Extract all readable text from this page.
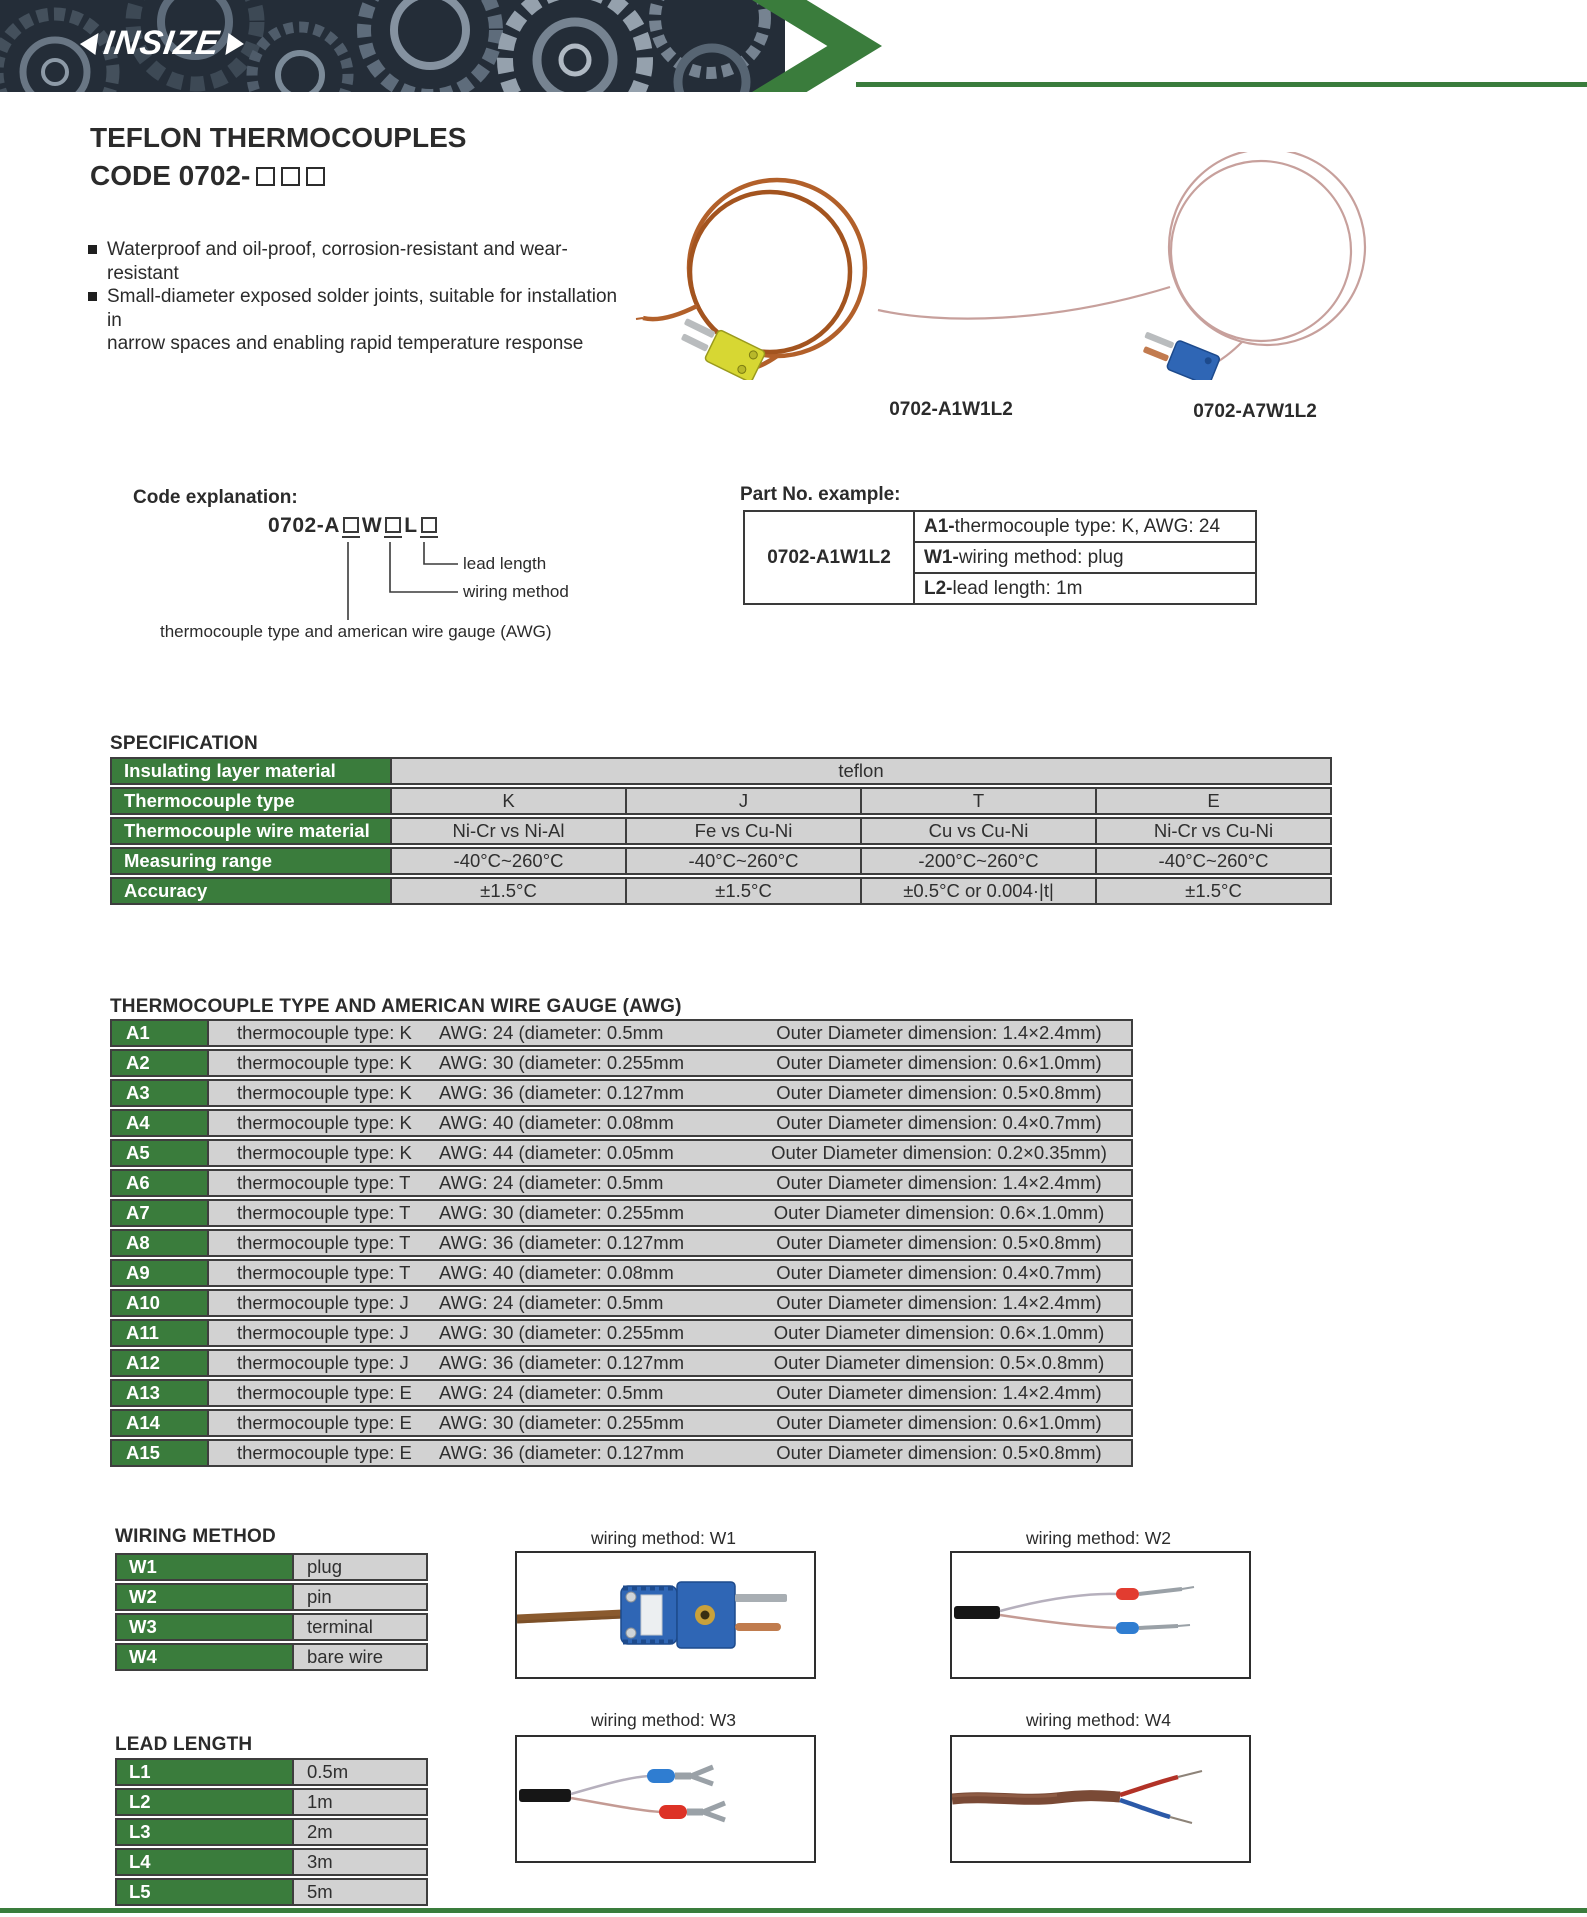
INSIZE
TEFLON THERMOCOUPLES
CODE 0702-
Waterproof and oil-proof, corrosion-resistant and wear-resistant
Small-diameter exposed solder joints, suitable for installation in
narrow spaces and enabling rapid temperature response
0702-A1W1L2	0702-A7W1L2
Code explanation:
0702-A W L
lead length
wiring method
thermocouple type and american wire gauge (AWG)
Part No. example:
0702-A1W1L2	A1-thermocouple type: K, AWG: 24
W1-wiring method: plug
L2-lead length: 1m
SPECIFICATION
Insulating layer material	teflon
Thermocouple type	K	J	T	E
Thermocouple wire material	Ni-Cr vs Ni-Al	Fe vs Cu-Ni	Cu vs Cu-Ni	Ni-Cr vs Cu-Ni
Measuring range	-40°C~260°C	-40°C~260°C	-200°C~260°C	-40°C~260°C
Accuracy	±1.5°C	±1.5°C	±0.5°C or 0.004·|t|	±1.5°C
THERMOCOUPLE TYPE AND AMERICAN WIRE GAUGE (AWG)
A1	thermocouple type: K	AWG: 24 (diameter: 0.5mm	Outer Diameter dimension: 1.4×2.4mm)
A2	thermocouple type: K	AWG: 30 (diameter: 0.255mm	Outer Diameter dimension: 0.6×1.0mm)
A3	thermocouple type: K	AWG: 36 (diameter: 0.127mm	Outer Diameter dimension: 0.5×0.8mm)
A4	thermocouple type: K	AWG: 40 (diameter: 0.08mm	Outer Diameter dimension: 0.4×0.7mm)
A5	thermocouple type: K	AWG: 44 (diameter: 0.05mm	Outer Diameter dimension: 0.2×0.35mm)
A6	thermocouple type: T	AWG: 24 (diameter: 0.5mm	Outer Diameter dimension: 1.4×2.4mm)
A7	thermocouple type: T	AWG: 30 (diameter: 0.255mm	Outer Diameter dimension: 0.6×.1.0mm)
A8	thermocouple type: T	AWG: 36 (diameter: 0.127mm	Outer Diameter dimension: 0.5×0.8mm)
A9	thermocouple type: T	AWG: 40 (diameter: 0.08mm	Outer Diameter dimension: 0.4×0.7mm)
A10	thermocouple type: J	AWG: 24 (diameter: 0.5mm	Outer Diameter dimension: 1.4×2.4mm)
A11	thermocouple type: J	AWG: 30 (diameter: 0.255mm	Outer Diameter dimension: 0.6×.1.0mm)
A12	thermocouple type: J	AWG: 36 (diameter: 0.127mm	Outer Diameter dimension: 0.5×.0.8mm)
A13	thermocouple type: E	AWG: 24 (diameter: 0.5mm	Outer Diameter dimension: 1.4×2.4mm)
A14	thermocouple type: E	AWG: 30 (diameter: 0.255mm	Outer Diameter dimension: 0.6×1.0mm)
A15	thermocouple type: E	AWG: 36 (diameter: 0.127mm	Outer Diameter dimension: 0.5×0.8mm)
WIRING METHOD
W1	plug
W2	pin
W3	terminal
W4	bare wire
wiring method: W1	wiring method: W2
wiring method: W3	wiring method: W4
LEAD LENGTH
L1	0.5m
L2	1m
L3	2m
L4	3m
L5	5m
